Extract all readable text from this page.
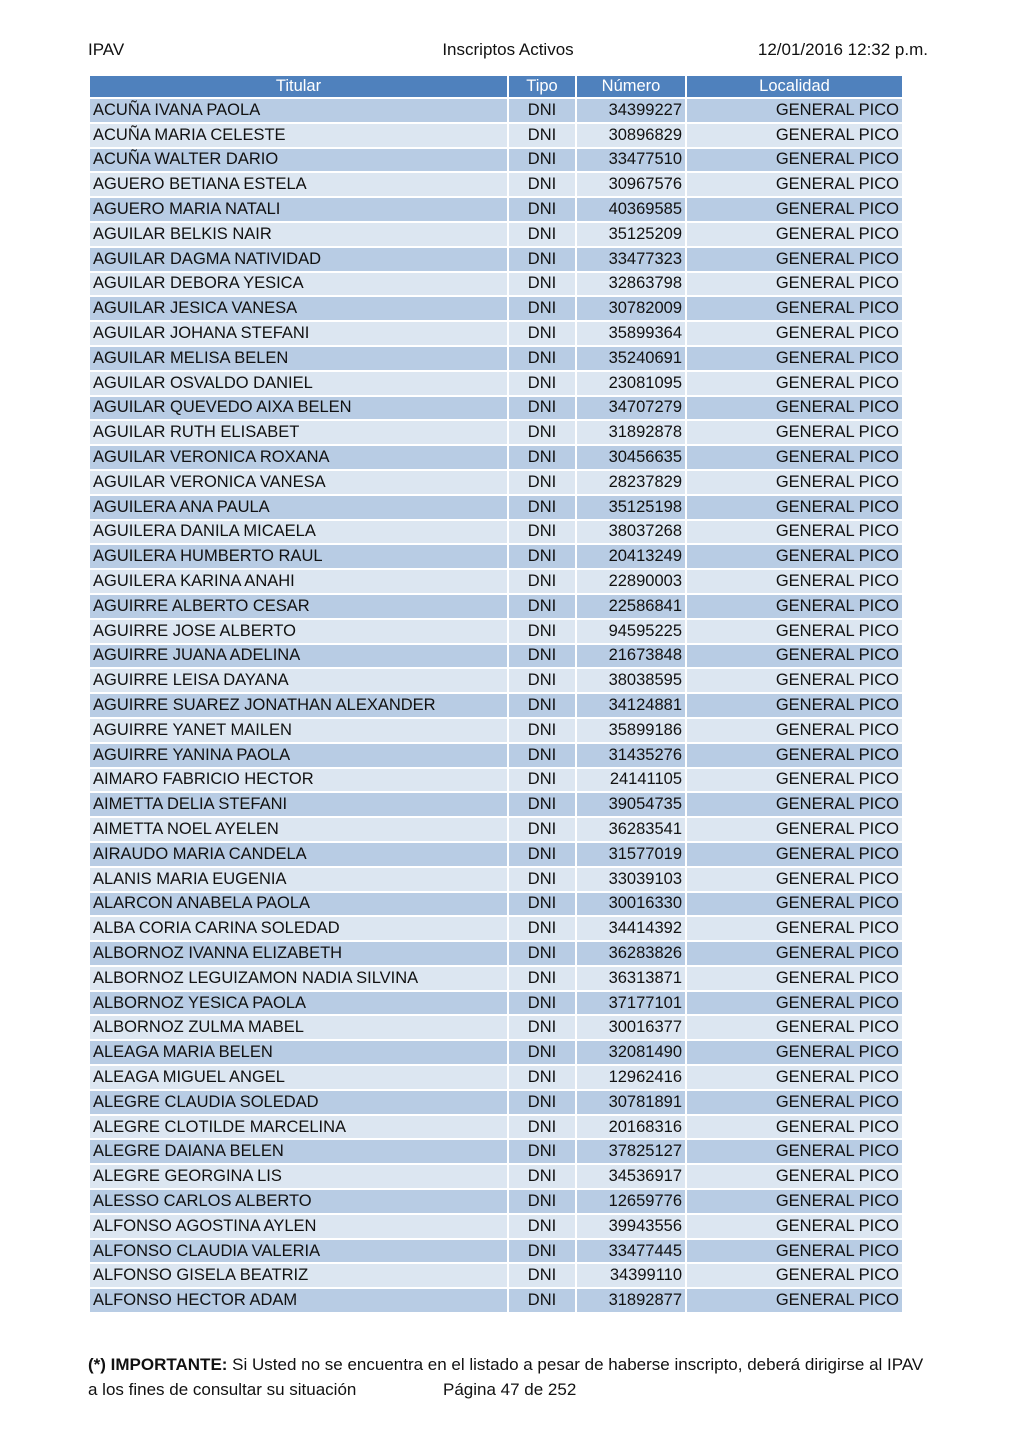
IPAV	Inscriptos Activos	12/01/2016 12:32 p.m.
Titular	Tipo	Número	Localidad
ACUÑA IVANA PAOLA	DNI	34399227	GENERAL PICO
ACUÑA MARIA CELESTE	DNI	30896829	GENERAL PICO
ACUÑA WALTER DARIO	DNI	33477510	GENERAL PICO
AGUERO BETIANA ESTELA	DNI	30967576	GENERAL PICO
AGUERO MARIA NATALI	DNI	40369585	GENERAL PICO
AGUILAR BELKIS NAIR	DNI	35125209	GENERAL PICO
AGUILAR DAGMA NATIVIDAD	DNI	33477323	GENERAL PICO
AGUILAR DEBORA YESICA	DNI	32863798	GENERAL PICO
AGUILAR JESICA VANESA	DNI	30782009	GENERAL PICO
AGUILAR JOHANA STEFANI	DNI	35899364	GENERAL PICO
AGUILAR MELISA BELEN	DNI	35240691	GENERAL PICO
AGUILAR OSVALDO DANIEL	DNI	23081095	GENERAL PICO
AGUILAR QUEVEDO AIXA BELEN	DNI	34707279	GENERAL PICO
AGUILAR RUTH ELISABET	DNI	31892878	GENERAL PICO
AGUILAR VERONICA ROXANA	DNI	30456635	GENERAL PICO
AGUILAR VERONICA VANESA	DNI	28237829	GENERAL PICO
AGUILERA ANA PAULA	DNI	35125198	GENERAL PICO
AGUILERA DANILA MICAELA	DNI	38037268	GENERAL PICO
AGUILERA HUMBERTO RAUL	DNI	20413249	GENERAL PICO
AGUILERA KARINA ANAHI	DNI	22890003	GENERAL PICO
AGUIRRE ALBERTO CESAR	DNI	22586841	GENERAL PICO
AGUIRRE JOSE ALBERTO	DNI	94595225	GENERAL PICO
AGUIRRE JUANA ADELINA	DNI	21673848	GENERAL PICO
AGUIRRE LEISA DAYANA	DNI	38038595	GENERAL PICO
AGUIRRE SUAREZ JONATHAN ALEXANDER	DNI	34124881	GENERAL PICO
AGUIRRE YANET MAILEN	DNI	35899186	GENERAL PICO
AGUIRRE YANINA PAOLA	DNI	31435276	GENERAL PICO
AIMARO FABRICIO HECTOR	DNI	24141105	GENERAL PICO
AIMETTA DELIA STEFANI	DNI	39054735	GENERAL PICO
AIMETTA NOEL AYELEN	DNI	36283541	GENERAL PICO
AIRAUDO MARIA CANDELA	DNI	31577019	GENERAL PICO
ALANIS MARIA EUGENIA	DNI	33039103	GENERAL PICO
ALARCON ANABELA PAOLA	DNI	30016330	GENERAL PICO
ALBA CORIA CARINA SOLEDAD	DNI	34414392	GENERAL PICO
ALBORNOZ IVANNA ELIZABETH	DNI	36283826	GENERAL PICO
ALBORNOZ LEGUIZAMON NADIA SILVINA	DNI	36313871	GENERAL PICO
ALBORNOZ YESICA PAOLA	DNI	37177101	GENERAL PICO
ALBORNOZ ZULMA MABEL	DNI	30016377	GENERAL PICO
ALEAGA MARIA BELEN	DNI	32081490	GENERAL PICO
ALEAGA MIGUEL ANGEL	DNI	12962416	GENERAL PICO
ALEGRE CLAUDIA SOLEDAD	DNI	30781891	GENERAL PICO
ALEGRE CLOTILDE MARCELINA	DNI	20168316	GENERAL PICO
ALEGRE DAIANA BELEN	DNI	37825127	GENERAL PICO
ALEGRE GEORGINA LIS	DNI	34536917	GENERAL PICO
ALESSO CARLOS ALBERTO	DNI	12659776	GENERAL PICO
ALFONSO AGOSTINA AYLEN	DNI	39943556	GENERAL PICO
ALFONSO CLAUDIA VALERIA	DNI	33477445	GENERAL PICO
ALFONSO GISELA BEATRIZ	DNI	34399110	GENERAL PICO
ALFONSO HECTOR ADAM	DNI	31892877	GENERAL PICO
(*) IMPORTANTE: Si Usted no se encuentra en el listado a pesar de haberse inscripto, deberá dirigirse al IPAV
a los fines de consultar su situación	Página 47 de 252
